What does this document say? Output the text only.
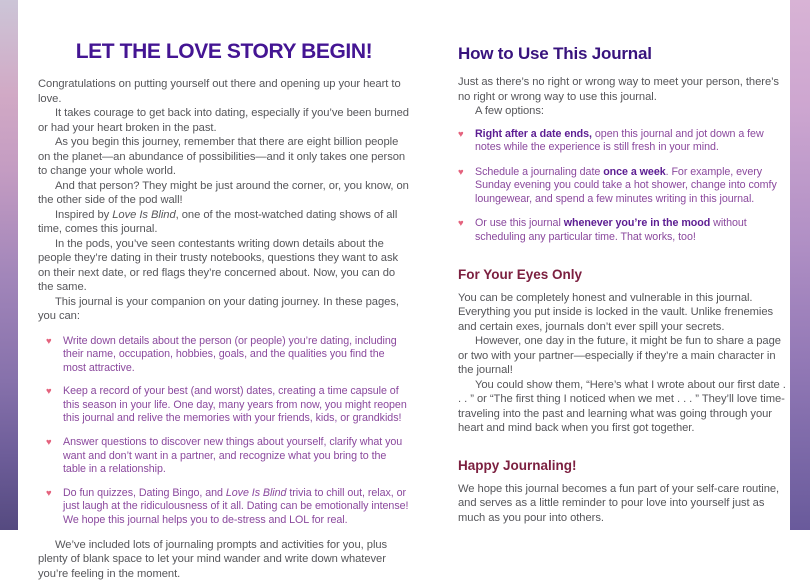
LET THE LOVE STORY BEGIN!

Congratulations on putting yourself out there and opening up your heart to love.

It takes courage to get back into dating, especially if you’ve been burned or had your heart broken in the past.

As you begin this journey, remember that there are eight billion people on the planet—an abundance of possibilities—and it only takes one person to change your whole world.

And that person? They might be just around the corner, or, you know, on the other side of the pod wall!

Inspired by Love Is Blind, one of the most-watched dating shows of all time, comes this journal.

In the pods, you’ve seen contestants writing down details about the people they’re dating in their trusty notebooks, questions they want to ask on their next date, or red flags they’re concerned about. Now, you can do the same.

This journal is your companion on your dating journey. In these pages, you can:

♥	Write down details about the person (or people) you’re dating, including their name, occupation, hobbies, goals, and the qualities you find the most attractive.
♥	Keep a record of your best (and worst) dates, creating a time capsule of this season in your life. One day, many years from now, you might reopen this journal and relive the memories with your friends, kids, or grandkids!
♥	Answer questions to discover new things about yourself, clarify what you want and don’t want in a partner, and recognize what you bring to the table in a relationship.
♥	Do fun quizzes, Dating Bingo, and Love Is Blind trivia to chill out, relax, or just laugh at the ridiculousness of it all. Dating can be emotionally intense! We hope this journal helps you to de-stress and LOL for real.

We’ve included lots of journaling prompts and activities for you, plus plenty of blank space to let your mind wander and write down whatever you’re feeling in the moment.

How to Use This Journal

Just as there’s no right or wrong way to meet your person, there’s no right or wrong way to use this journal.

A few options:

♥	Right after a date ends, open this journal and jot down a few notes while the experience is still fresh in your mind.
♥	Schedule a journaling date once a week. For example, every Sunday evening you could take a hot shower, change into comfy loungewear, and spend a few minutes writing in this journal.
♥	Or use this journal whenever you’re in the mood without scheduling any particular time. That works, too!
For Your Eyes Only

You can be completely honest and vulnerable in this journal. Everything you put inside is locked in the vault. Unlike frenemies and certain exes, journals don’t ever spill your secrets.

However, one day in the future, it might be fun to share a page or two with your partner—especially if they’re a main character in the journal!

You could show them, “Here’s what I wrote about our first date . . . ” or “The first thing I noticed when we met . . . ” They’ll love time-traveling into the past and learning what was going through your heart and mind back when you first got together.

Happy Journaling!

We hope this journal becomes a fun part of your self-care routine, and serves as a little reminder to pour love into yourself just as much as you pour into others.
